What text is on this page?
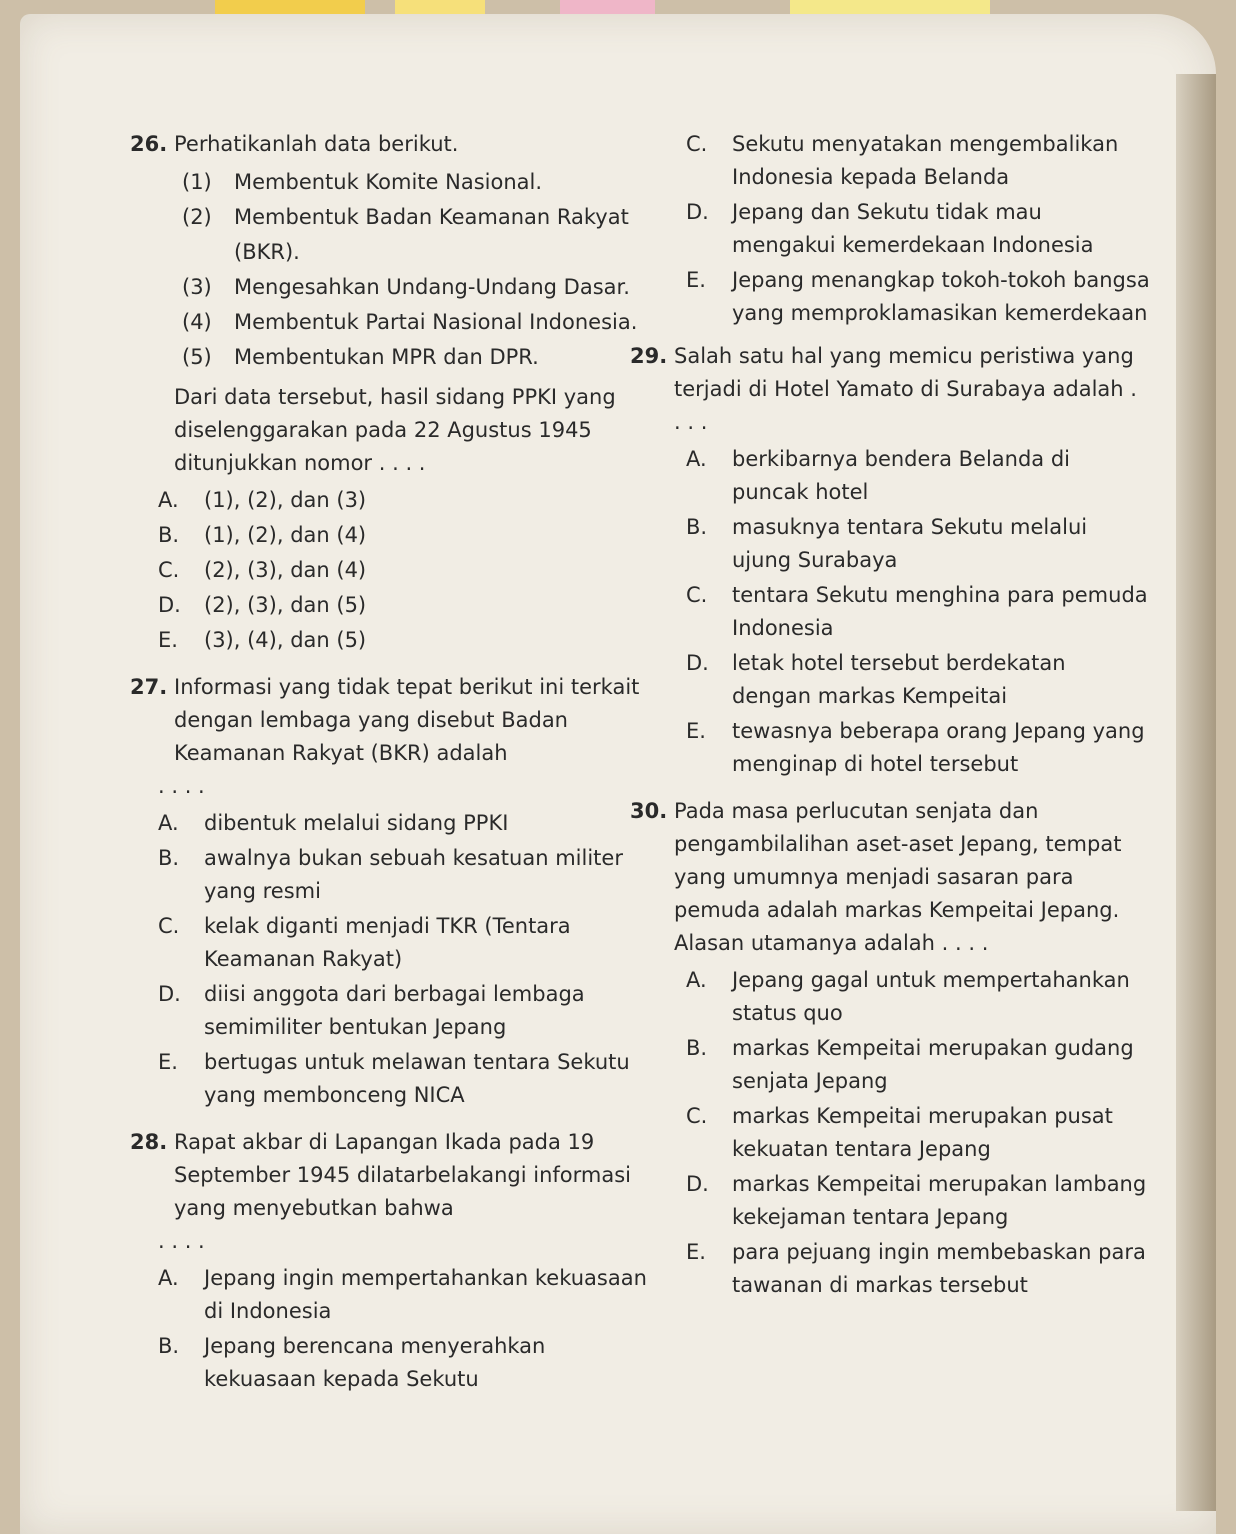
26. Perhatikanlah data berikut.
(1)	Membentuk Komite Nasional.
(2)	Membentuk Badan Keamanan Rakyat (BKR).
(3)	Mengesahkan Undang-Undang Dasar.
(4)	Membentuk Partai Nasional Indonesia.
(5)	Membentukan MPR dan DPR.
Dari data tersebut, hasil sidang PPKI yang diselenggarakan pada 22 Agustus 1945 ditunjukkan nomor . . . .
A.	(1), (2), dan (3)
B.	(1), (2), dan (4)
C.	(2), (3), dan (4)
D.	(2), (3), dan (5)
E.	(3), (4), dan (5)
27. Informasi yang tidak tepat berikut ini terkait dengan lembaga yang disebut Badan Keamanan Rakyat (BKR) adalah
. . . .
A.	dibentuk melalui sidang PPKI
B.	awalnya bukan sebuah kesatuan militer yang resmi
C.	kelak diganti menjadi TKR (Tentara Keamanan Rakyat)
D.	diisi anggota dari berbagai lembaga semimiliter bentukan Jepang
E.	bertugas untuk melawan tentara Sekutu yang membonceng NICA
28. Rapat akbar di Lapangan Ikada pada 19 September 1945 dilatarbelakangi informasi yang menyebutkan bahwa
. . . .
A.	Jepang ingin mempertahankan kekuasaan di Indonesia
B.	Jepang berencana menyerahkan kekuasaan kepada Sekutu
C.	Sekutu menyatakan mengembalikan Indonesia kepada Belanda
D.	Jepang dan Sekutu tidak mau mengakui kemerdekaan Indonesia
E.	Jepang menangkap tokoh-tokoh bangsa yang memproklamasikan kemerdekaan
29. Salah satu hal yang memicu peristiwa yang terjadi di Hotel Yamato di Surabaya adalah . . . .
A.	berkibarnya bendera Belanda di puncak hotel
B.	masuknya tentara Sekutu melalui ujung Surabaya
C.	tentara Sekutu menghina para pemuda Indonesia
D.	letak hotel tersebut berdekatan dengan markas Kempeitai
E.	tewasnya beberapa orang Jepang yang menginap di hotel tersebut
30. Pada masa perlucutan senjata dan pengambilalihan aset-aset Jepang, tempat yang umumnya menjadi sasaran para pemuda adalah markas Kempeitai Jepang. Alasan utamanya adalah . . . .
A.	Jepang gagal untuk mempertahankan status quo
B.	markas Kempeitai merupakan gudang senjata Jepang
C.	markas Kempeitai merupakan pusat kekuatan tentara Jepang
D.	markas Kempeitai merupakan lambang kekejaman tentara Jepang
E.	para pejuang ingin membebaskan para tawanan di markas tersebut
